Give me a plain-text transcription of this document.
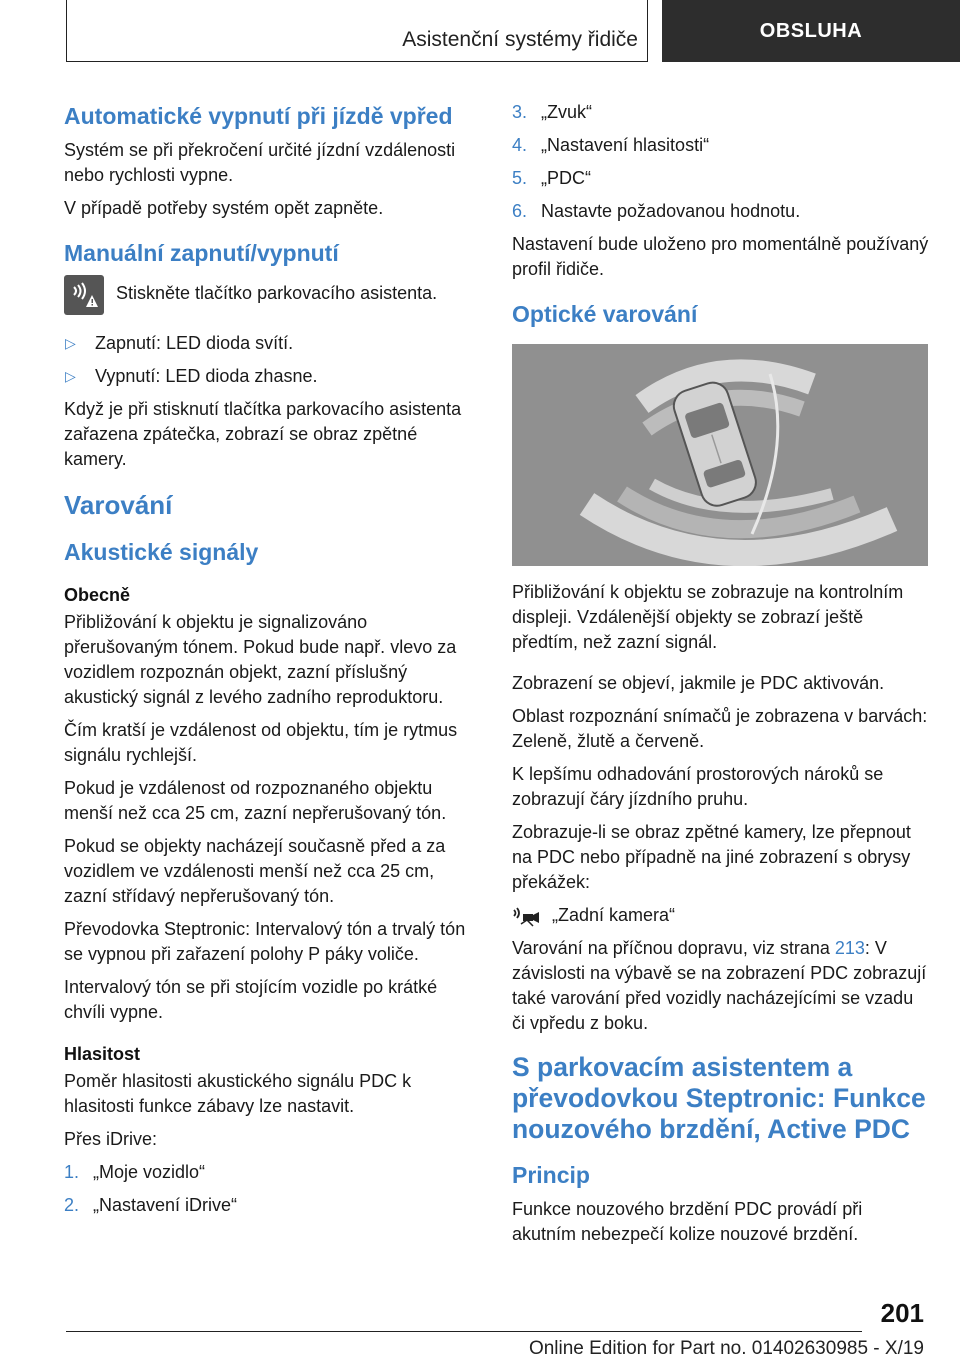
Asistenční systémy řidiče	OBSLUHA
Automatické vypnutí při jízdě vpřed
Systém se při překročení určité jízdní vzdálenosti nebo rychlosti vypne.
V případě potřeby systém opět zapněte.
Manuální zapnutí/vypnutí
Stiskněte tlačítko parkovacího asistenta.
▷	Zapnutí: LED dioda svítí.
▷	Vypnutí: LED dioda zhasne.
Když je při stisknutí tlačítka parkovacího asistenta zařazena zpátečka, zobrazí se obraz zpětné kamery.
Varování
Akustické signály
Obecně
Přibližování k objektu je signalizováno přerušovaným tónem. Pokud bude např. vlevo za vozidlem rozpoznán objekt, zazní příslušný akustický signál z levého zadního reproduktoru.
Čím kratší je vzdálenost od objektu, tím je rytmus signálu rychlejší.
Pokud je vzdálenost od rozpoznaného objektu menší než cca 25 cm, zazní nepřerušovaný tón.
Pokud se objekty nacházejí současně před a za vozidlem ve vzdálenosti menší než cca 25 cm, zazní střídavý nepřerušovaný tón.
Převodovka Steptronic: Intervalový tón a trvalý tón se vypnou při zařazení polohy P páky voliče.
Intervalový tón se při stojícím vozidle po krátké chvíli vypne.
Hlasitost
Poměr hlasitosti akustického signálu PDC k hlasitosti funkce zábavy lze nastavit.
Přes iDrive:
1. „Moje vozidlo“
2. „Nastavení iDrive“
3. „Zvuk“
4. „Nastavení hlasitosti“
5. „PDC“
6. Nastavte požadovanou hodnotu.
Nastavení bude uloženo pro momentálně používaný profil řidiče.
Optické varování
Přibližování k objektu se zobrazuje na kontrolním displeji. Vzdálenější objekty se zobrazí ještě předtím, než zazní signál.
Zobrazení se objeví, jakmile je PDC aktivován.
Oblast rozpoznání snímačů je zobrazena v barvách: Zeleně, žlutě a červeně.
K lepšímu odhadování prostorových nároků se zobrazují čáry jízdního pruhu.
Zobrazuje-li se obraz zpětné kamery, lze přepnout na PDC nebo případně na jiné zobrazení s obrysy překážek:
„Zadní kamera“
Varování na příčnou dopravu, viz strana 213: V závislosti na výbavě se na zobrazení PDC zobrazují také varování před vozidly nacházejícími se vzadu či vpředu z boku.
S parkovacím asistentem a převodovkou Steptronic: Funkce nouzového brzdění, Active PDC
Princip
Funkce nouzového brzdění PDC provádí při akutním nebezpečí kolize nouzové brzdění.
201
Online Edition for Part no. 01402630985 - X/19
